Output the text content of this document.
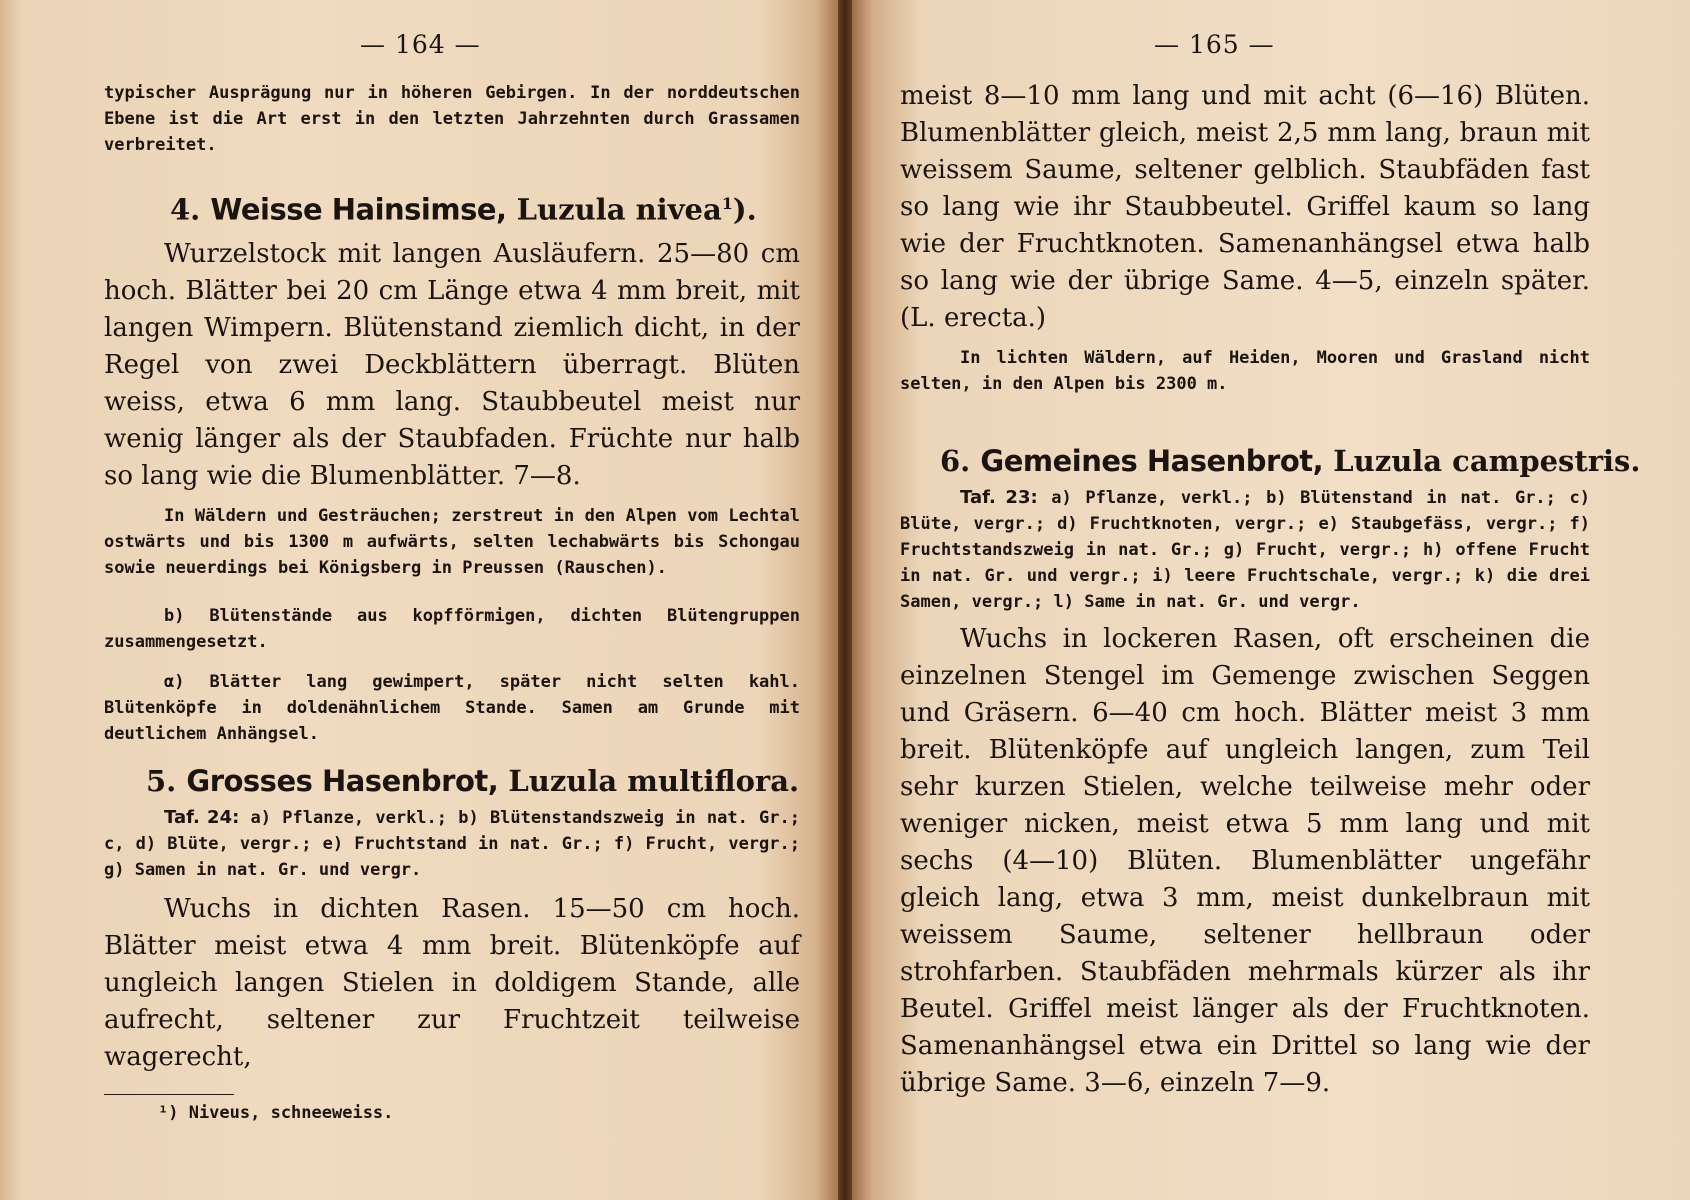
— 164 —

typischer Ausprägung nur in höheren Gebirgen. In der norddeutschen Ebene ist die Art erst in den letzten Jahrzehnten durch Grassamen verbreitet.

4. Weisse Hainsimse, Luzula nivea$^1$).

Wurzelstock mit langen Ausläufern. 25—80 cm hoch. Blätter bei 20 cm Länge etwa 4 mm breit, mit langen Wimpern. Blütenstand ziemlich dicht, in der Regel von zwei Deckblättern überragt. Blüten weiss, etwa 6 mm lang. Staubbeutel meist nur wenig länger als der Staubfaden. Früchte nur halb so lang wie die Blumenblätter. 7—8.

In Wäldern und Gesträuchen; zerstreut in den Alpen vom Lechtal ostwärts und bis 1300 m aufwärts, selten lechabwärts bis Schongau sowie neuerdings bei Königsberg in Preussen (Rauschen).

b) Blütenstände aus kopfförmigen, dichten Blütengruppen zusammengesetzt.

α) Blätter lang gewimpert, später nicht selten kahl. Blütenköpfe in doldenähnlichem Stande. Samen am Grunde mit deutlichem Anhängsel.

5. Grosses Hasenbrot, Luzula multiflora.

Taf. 24: a) Pflanze, verkl.; b) Blütenstandszweig in nat. Gr.; c, d) Blüte, vergr.; e) Fruchtstand in nat. Gr.; f) Frucht, vergr.; g) Samen in nat. Gr. und vergr.

Wuchs in dichten Rasen. 15—50 cm hoch. Blätter meist etwa 4 mm breit. Blütenköpfe auf ungleich langen Stielen in doldigem Stande, alle aufrecht, seltener zur Fruchtzeit teilweise wagerecht,

¹) Niveus, schneeweiss.

— 165 —

meist 8—10 mm lang und mit acht (6—16) Blüten. Blumenblätter gleich, meist 2,5 mm lang, braun mit weissem Saume, seltener gelblich. Staubfäden fast so lang wie ihr Staubbeutel. Griffel kaum so lang wie der Fruchtknoten. Samenanhängsel etwa halb so lang wie der übrige Same. 4—5, einzeln später. (L. erecta.)

In lichten Wäldern, auf Heiden, Mooren und Grasland nicht selten, in den Alpen bis 2300 m.

6. Gemeines Hasenbrot, Luzula campestris.

Taf. 23: a) Pflanze, verkl.; b) Blütenstand in nat. Gr.; c) Blüte, vergr.; d) Fruchtknoten, vergr.; e) Staubgefäss, vergr.; f) Fruchtstandszweig in nat. Gr.; g) Frucht, vergr.; h) offene Frucht in nat. Gr. und vergr.; i) leere Fruchtschale, vergr.; k) die drei Samen, vergr.; l) Same in nat. Gr. und vergr.

Wuchs in lockeren Rasen, oft erscheinen die einzelnen Stengel im Gemenge zwischen Seggen und Gräsern. 6—40 cm hoch. Blätter meist 3 mm breit. Blütenköpfe auf ungleich langen, zum Teil sehr kurzen Stielen, welche teilweise mehr oder weniger nicken, meist etwa 5 mm lang und mit sechs (4—10) Blüten. Blumenblätter ungefähr gleich lang, etwa 3 mm, meist dunkelbraun mit weissem Saume, seltener hellbraun oder strohfarben. Staubfäden mehrmals kürzer als ihr Beutel. Griffel meist länger als der Fruchtknoten. Samenanhängsel etwa ein Drittel so lang wie der übrige Same. 3—6, einzeln 7—9.
